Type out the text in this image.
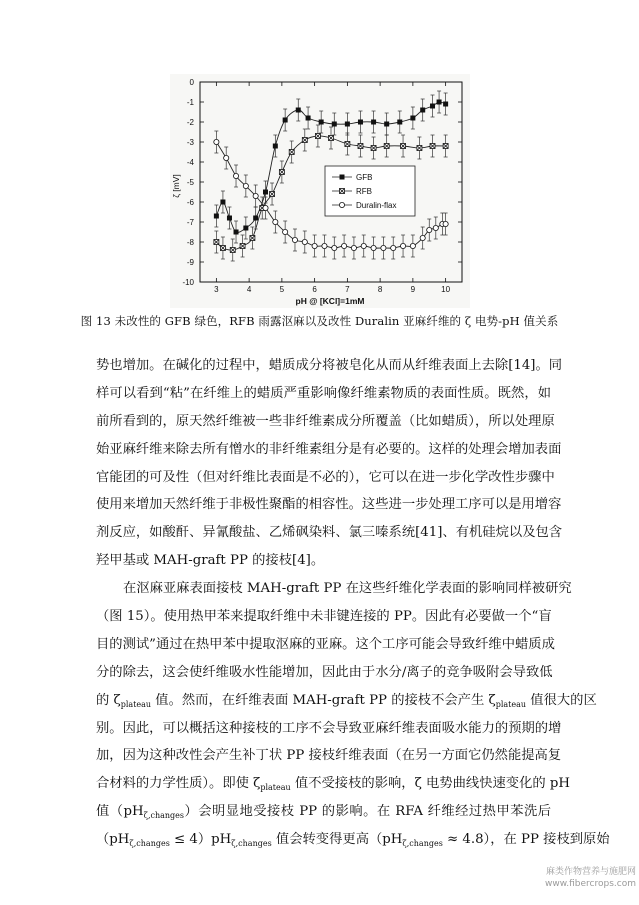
3	4	5	6	7	8	9	10
0
-1
-2
-3
-4
-5
-6
-7
-8
-9
-10
GFB
RFB
Duralin-flax
pH @ [KCl]=1mM
ζ [mV]
图 13 未改性的 GFB 绿色，RFB 雨露沤麻以及改性 Duralin 亚麻纤维的 ζ 电势-pH 值关系
势也增加。在碱化的过程中，蜡质成分将被皂化从而从纤维表面上去除[14]。同
样可以看到“粘”在纤维上的蜡质严重影响像纤维素物质的表面性质。既然，如
前所看到的，原天然纤维被一些非纤维素成分所覆盖（比如蜡质），所以处理原
始亚麻纤维来除去所有憎水的非纤维素组分是有必要的。这样的处理会增加表面
官能团的可及性（但对纤维比表面是不必的），它可以在进一步化学改性步骤中
使用来增加天然纤维于非极性聚酯的相容性。这些进一步处理工序可以是用增容
剂反应，如酸酐、异氰酸盐、乙烯砜染料、氯三嗪系统[41]、有机硅烷以及包含
羟甲基或 MAH-graft PP 的接枝[4]。
在沤麻亚麻表面接枝 MAH-graft PP 在这些纤维化学表面的影响同样被研究
（图 15）。使用热甲苯来提取纤维中未非键连接的 PP。因此有必要做一个“盲
目的测试”通过在热甲苯中提取沤麻的亚麻。这个工序可能会导致纤维中蜡质成
分的除去，这会使纤维吸水性能增加，因此由于水分/离子的竞争吸附会导致低
的 $\zeta_{plateau}$ 值。然而，在纤维表面 MAH-graft PP 的接枝不会产生 $\zeta_{plateau}$ 值很大的区
别。因此，可以概括这种接枝的工序不会导致亚麻纤维表面吸水能力的预期的增
加，因为这种改性会产生补丁状 PP 接枝纤维表面（在另一方面它仍然能提高复
合材料的力学性质）。即使 $\zeta_{plateau}$ 值不受接枝的影响，ζ 电势曲线快速变化的 pH
值$(pH_{\zeta,changes})$会明显地受接枝 PP 的影响。在 RFA 纤维经过热甲苯洗后
$(pH_{\zeta,changes} \le 4)pH_{\zeta,changes}$ 值会转变得更高$(pH_{\zeta,changes} \approx 4.8)$，在 PP 接枝到原始
麻类作物营养与施肥网
www.fibercrops.com
